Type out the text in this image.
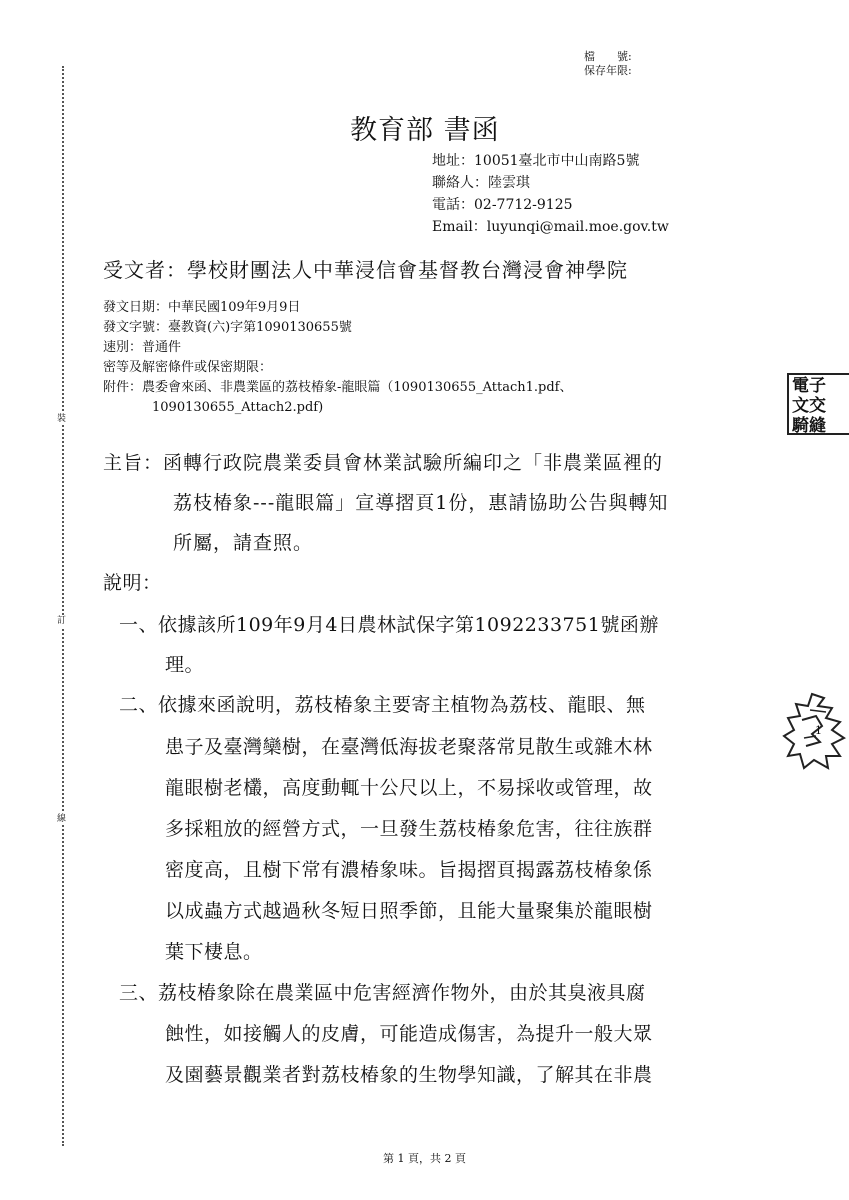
裝
訂
線
檔　　號:
保存年限:
教育部 書函
地址：10051臺北市中山南路5號
聯絡人：陸雲琪
電話：02-7712-9125
Email：luyunqi@mail.moe.gov.tw
受文者：學校財團法人中華浸信會基督教台灣浸會神學院
發文日期：中華民國109年9月9日
發文字號：臺教資(六)字第1090130655號
速別：普通件
密等及解密條件或保密期限：
附件：農委會來函、非農業區的荔枝椿象-龍眼篇（1090130655_Attach1.pdf、
1090130655_Attach2.pdf)
主旨：函轉行政院農業委員會林業試驗所編印之「非農業區裡的
荔枝椿象---龍眼篇」宣導摺頁1份，惠請協助公告與轉知
所屬，請查照。
說明：
一、依據該所109年9月4日農林試保字第1092233751號函辦
理。
二、依據來函說明，荔枝椿象主要寄主植物為荔枝、龍眼、無
患子及臺灣欒樹，在臺灣低海拔老聚落常見散生或雜木林
龍眼樹老欉，高度動輒十公尺以上，不易採收或管理，故
多採粗放的經營方式，一旦發生荔枝椿象危害，往往族群
密度高，且樹下常有濃椿象味。旨揭摺頁揭露荔枝椿象係
以成蟲方式越過秋冬短日照季節，且能大量聚集於龍眼樹
葉下棲息。
三、荔枝椿象除在農業區中危害經濟作物外，由於其臭液具腐
蝕性，如接觸人的皮膚，可能造成傷害，為提升一般大眾
及園藝景觀業者對荔枝椿象的生物學知識，了解其在非農
電子
文交
騎縫
1
第 1 頁，共 2 頁
